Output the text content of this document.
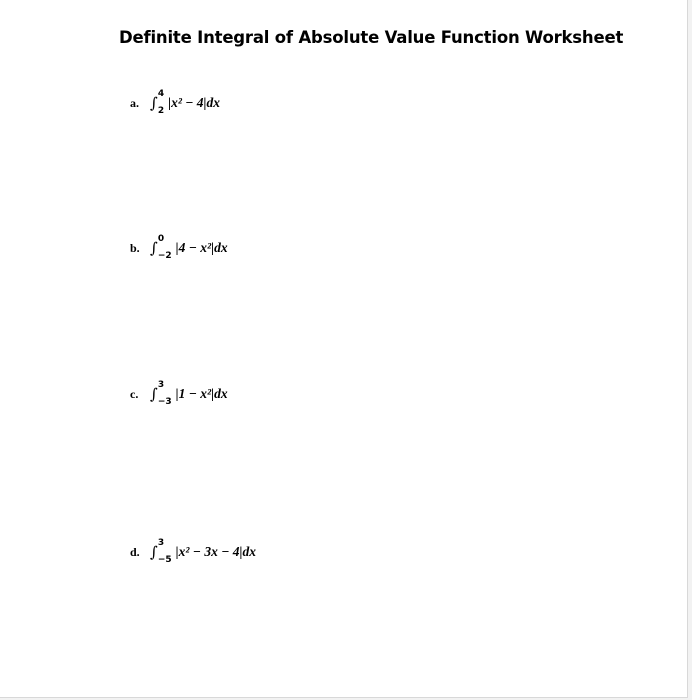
Definite Integral of Absolute Value Function Worksheet
a. ∫ 4
2
|x² − 4| dx
b. ∫ 0
−2
|4 − x²| dx
c. ∫ 3
−3
|1 − x²| dx
d. ∫ 3
−5
|x² − 3x − 4| dx
